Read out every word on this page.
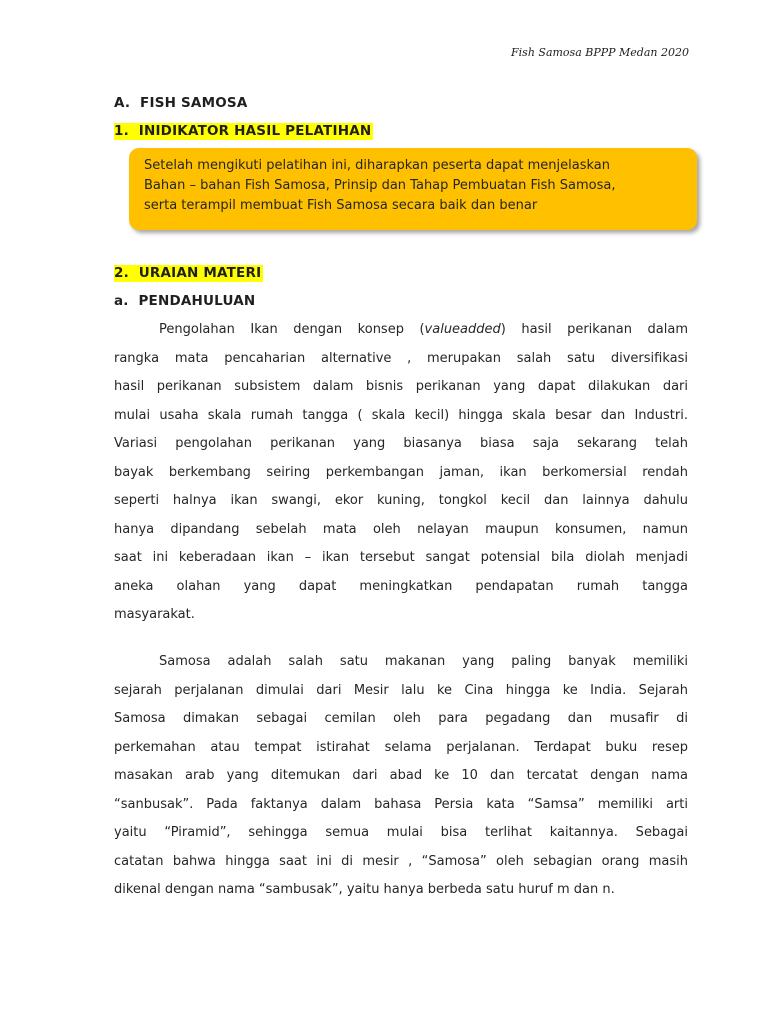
Fish Samosa BPPP Medan 2020
A. FISH SAMOSA
1. INIDIKATOR HASIL PELATIHAN
Setelah mengikuti pelatihan ini, diharapkan peserta dapat menjelaskan
Bahan – bahan Fish Samosa, Prinsip dan Tahap Pembuatan Fish Samosa,
serta terampil membuat Fish Samosa secara baik dan benar
2. URAIAN MATERI
a. PENDAHULUAN
Pengolahan Ikan dengan konsep (valueadded) hasil perikanan dalam
rangka mata pencaharian alternative , merupakan salah satu diversifikasi
hasil perikanan subsistem dalam bisnis perikanan yang dapat dilakukan dari
mulai usaha skala rumah tangga ( skala kecil) hingga skala besar dan Industri.
Variasi pengolahan perikanan yang biasanya biasa saja sekarang telah
bayak berkembang seiring perkembangan jaman, ikan berkomersial rendah
seperti halnya ikan swangi, ekor kuning, tongkol kecil dan lainnya dahulu
hanya dipandang sebelah mata oleh nelayan maupun konsumen, namun
saat ini keberadaan ikan – ikan tersebut sangat potensial bila diolah menjadi
aneka olahan yang dapat meningkatkan pendapatan rumah tangga
masyarakat.
Samosa adalah salah satu makanan yang paling banyak memiliki
sejarah perjalanan dimulai dari Mesir lalu ke Cina hingga ke India. Sejarah
Samosa dimakan sebagai cemilan oleh para pegadang dan musafir di
perkemahan atau tempat istirahat selama perjalanan. Terdapat buku resep
masakan arab yang ditemukan dari abad ke 10 dan tercatat dengan nama
“sanbusak”. Pada faktanya dalam bahasa Persia kata “Samsa” memiliki arti
yaitu “Piramid”, sehingga semua mulai bisa terlihat kaitannya. Sebagai
catatan bahwa hingga saat ini di mesir , “Samosa” oleh sebagian orang masih
dikenal dengan nama “sambusak”, yaitu hanya berbeda satu huruf m dan n.
